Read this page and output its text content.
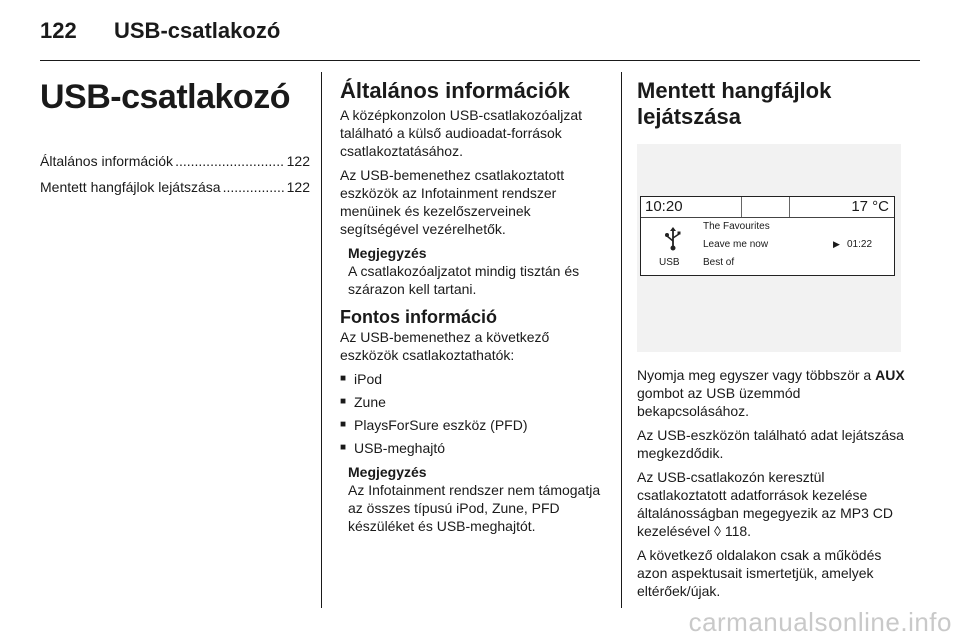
122 USB-csatlakozó
USB-csatlakozó
Általános információk .....	122
Mentett hangfájlok lejátszása .....	122
Általános információk

A középkonzolon USB-csatlakozóaljzat található a külső audioadat-források csatlakoztatásához.

Az USB-bemenethez csatlakoztatott eszközök az Infotainment rendszer menüinek és kezelőszerveinek segítségével vezérelhetők.

Megjegyzés
A csatlakozóaljzatot mindig tisztán és szárazon kell tartani.
Fontos információ

Az USB-bemenethez a következő eszközök csatlakoztathatók:

■ iPod
■ Zune
■ PlaysForSure eszköz (PFD)
■ USB-meghajtó
Megjegyzés
Az Infotainment rendszer nem támogatja az összes típusú iPod, Zune, PFD készüléket és USB-meghajtót.
Mentett hangfájlok lejátszása
10:20	17 °C
USB
The Favourites
Leave me now
Best of
▶ 01:22

Nyomja meg egyszer vagy többször a AUX gombot az USB üzemmód bekapcsolásához.

Az USB-eszközön található adat lejátszása megkezdődik.

Az USB-csatlakozón keresztül csatlakoztatott adatforrások kezelése általánosságban megegyezik az MP3 CD kezelésével ◊ 118.

A következő oldalakon csak a működés azon aspektusait ismertetjük, amelyek eltérőek/újak.

carmanualsonline.info
